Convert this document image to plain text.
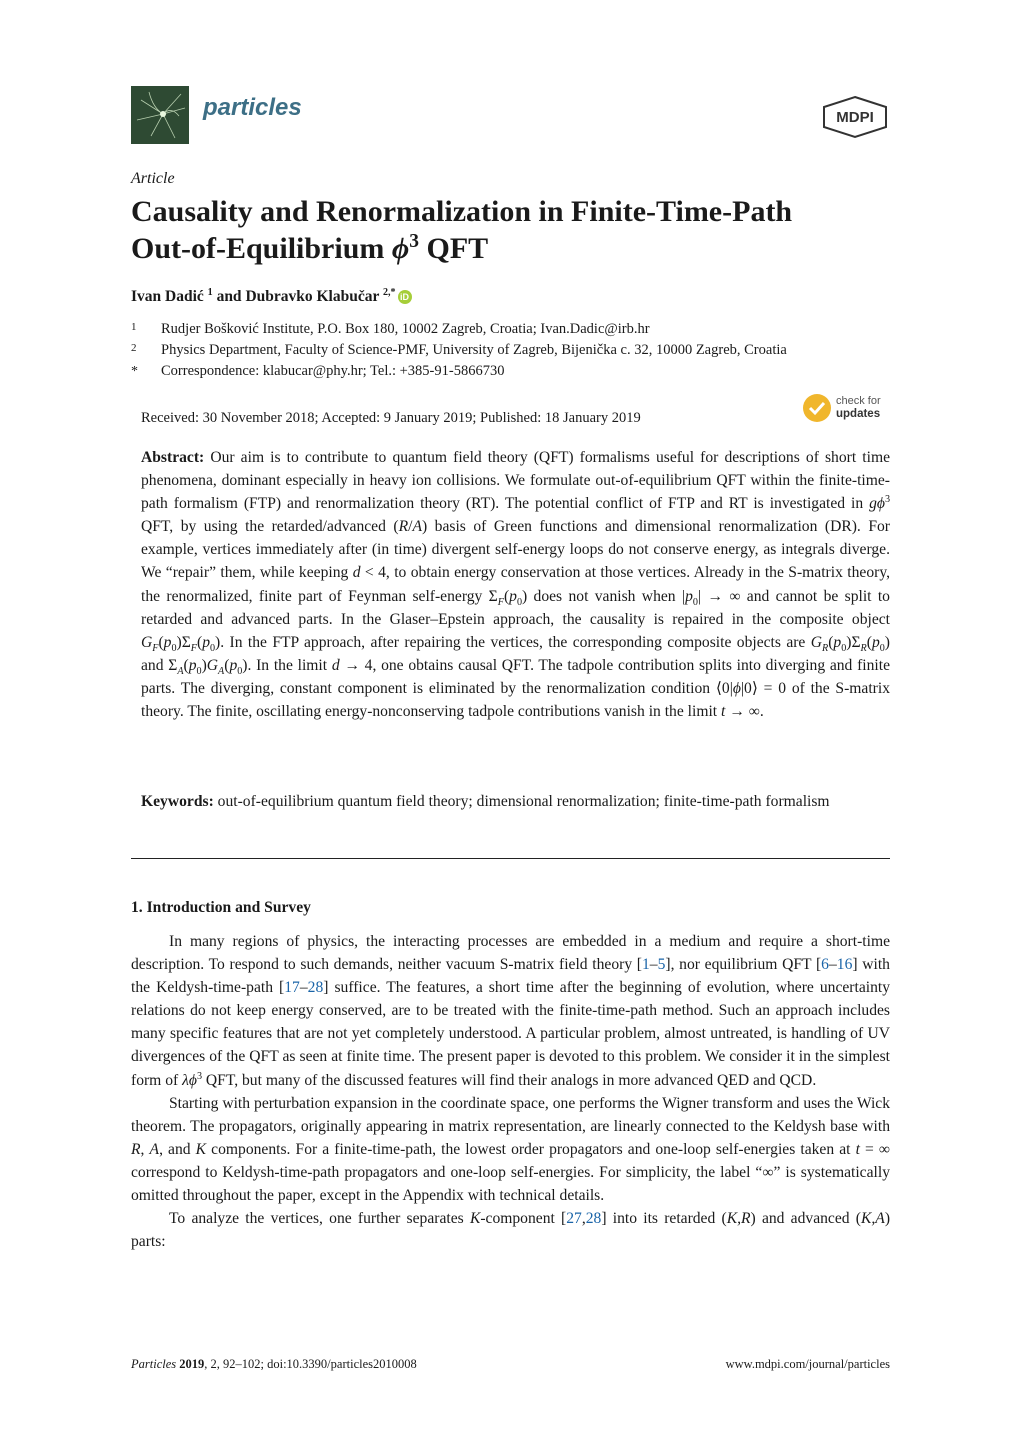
particles	MDPI
Article
Causality and Renormalization in Finite-Time-Path
Out-of-Equilibrium $\phi^3$ QFT
Ivan Dadić $^1$ and Dubravko Klabučar $^{2,*}$ iD
1 Rudjer Bošković Institute, P.O. Box 180, 10002 Zagreb, Croatia; Ivan.Dadic@irb.hr
2 Physics Department, Faculty of Science-PMF, University of Zagreb, Bijenička c. 32, 10000 Zagreb, Croatia
* Correspondence: klabucar@phy.hr; Tel.: +385-91-5866730
Received: 30 November 2018; Accepted: 9 January 2019; Published: 18 January 2019
check for
updates
Abstract: Our aim is to contribute to quantum field theory (QFT) formalisms useful for descriptions of short time phenomena, dominant especially in heavy ion collisions. We formulate out-of-equilibrium QFT within the finite-time-path formalism (FTP) and renormalization theory (RT). The potential conflict of FTP and RT is investigated in $g\phi^3$ QFT, by using the retarded/advanced (R/A) basis of Green functions and dimensional renormalization (DR). For example, vertices immediately after (in time) divergent self-energy loops do not conserve energy, as integrals diverge. We “repair” them, while keeping d < 4, to obtain energy conservation at those vertices. Already in the S-matrix theory, the renormalized, finite part of Feynman self-energy $\Sigma_F(p_0)$ does not vanish when $|p_0|$ → ∞ and cannot be split to retarded and advanced parts. In the Glaser–Epstein approach, the causality is repaired in the composite object $G_F(p_0)\Sigma_F(p_0)$. In the FTP approach, after repairing the vertices, the corresponding composite objects are $G_R(p_0)\Sigma_R(p_0)$ and $\Sigma_A(p_0)G_A(p_0)$. In the limit d → 4, one obtains causal QFT. The tadpole contribution splits into diverging and finite parts. The diverging, constant component is eliminated by the renormalization condition ⟨0|ϕ|0⟩ = 0 of the S-matrix theory. The finite, oscillating energy-nonconserving tadpole contributions vanish in the limit t → ∞.
Keywords: out-of-equilibrium quantum field theory; dimensional renormalization; finite-time-path formalism
1. Introduction and Survey

In many regions of physics, the interacting processes are embedded in a medium and require a short-time description. To respond to such demands, neither vacuum S-matrix field theory [1–5], nor equilibrium QFT [6–16] with the Keldysh-time-path [17–28] suffice. The features, a short time after the beginning of evolution, where uncertainty relations do not keep energy conserved, are to be treated with the finite-time-path method. Such an approach includes many specific features that are not yet completely understood. A particular problem, almost untreated, is handling of UV divergences of the QFT as seen at finite time. The present paper is devoted to this problem. We consider it in the simplest form of $\lambda\phi^3$ QFT, but many of the discussed features will find their analogs in more advanced QED and QCD.

Starting with perturbation expansion in the coordinate space, one performs the Wigner transform and uses the Wick theorem. The propagators, originally appearing in matrix representation, are linearly connected to the Keldysh base with R, A, and K components. For a finite-time-path, the lowest order propagators and one-loop self-energies taken at t = ∞ correspond to Keldysh-time-path propagators and one-loop self-energies. For simplicity, the label “∞” is systematically omitted throughout the paper, except in the Appendix with technical details.

To analyze the vertices, one further separates K-component [27,28] into its retarded (K,R) and advanced (K,A) parts:

Particles 2019, 2, 92–102; doi:10.3390/particles2010008	www.mdpi.com/journal/particles
